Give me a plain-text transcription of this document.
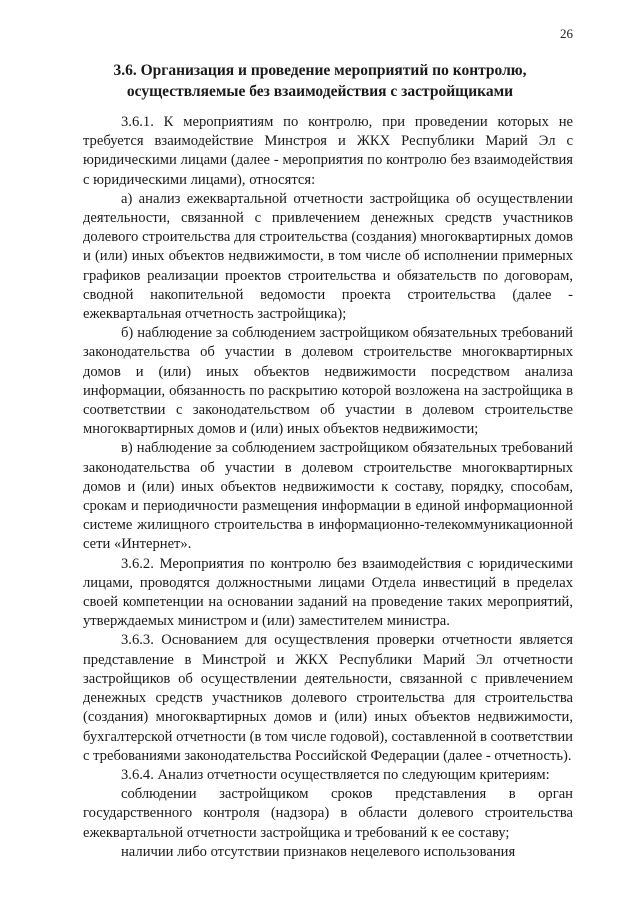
26
3.6. Организация и проведение мероприятий по контролю,
осуществляемые без взаимодействия с застройщиками

3.6.1. К мероприятиям по контролю, при проведении которых не требуется взаимодействие Минстроя и ЖКХ Республики Марий Эл с юридическими лицами (далее - мероприятия по контролю без взаимодействия с юридическими лицами), относятся:

а) анализ ежеквартальной отчетности застройщика об осуществлении деятельности, связанной с привлечением денежных средств участников долевого строительства для строительства (создания) многоквартирных домов и (или) иных объектов недвижимости, в том числе об исполнении примерных графиков реализации проектов строительства и обязательств по договорам, сводной накопительной ведомости проекта строительства (далее - ежеквартальная отчетность застройщика);

б) наблюдение за соблюдением застройщиком обязательных требований законодательства об участии в долевом строительстве многоквартирных домов и (или) иных объектов недвижимости посредством анализа информации, обязанность по раскрытию которой возложена на застройщика в соответствии с законодательством об участии в долевом строительстве многоквартирных домов и (или) иных объектов недвижимости;

в) наблюдение за соблюдением застройщиком обязательных требований законодательства об участии в долевом строительстве многоквартирных домов и (или) иных объектов недвижимости к составу, порядку, способам, срокам и периодичности размещения информации в единой информационной системе жилищного строительства в информационно-телекоммуникационной сети «Интернет».

3.6.2. Мероприятия по контролю без взаимодействия с юридическими лицами, проводятся должностными лицами Отдела инвестиций в пределах своей компетенции на основании заданий на проведение таких мероприятий, утверждаемых министром и (или) заместителем министра.

3.6.3. Основанием для осуществления проверки отчетности является представление в Минстрой и ЖКХ Республики Марий Эл отчетности застройщиков об осуществлении деятельности, связанной с привлечением денежных средств участников долевого строительства для строительства (создания) многоквартирных домов и (или) иных объектов недвижимости, бухгалтерской отчетности (в том числе годовой), составленной в соответствии с требованиями законодательства Российской Федерации (далее - отчетность).

3.6.4. Анализ отчетности осуществляется по следующим критериям:

соблюдении застройщиком сроков представления в орган государственного контроля (надзора) в области долевого строительства ежеквартальной отчетности застройщика и требований к ее составу;

наличии либо отсутствии признаков нецелевого использования
